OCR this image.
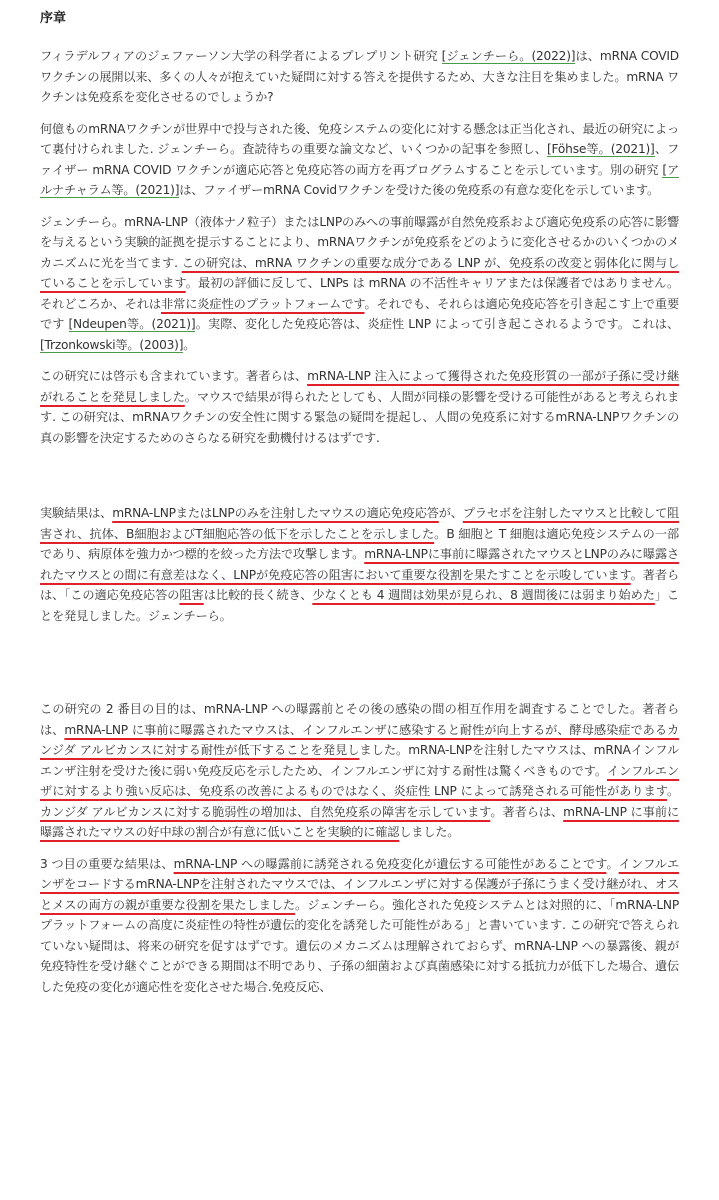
序章

フィラデルフィアのジェファーソン大学の科学者によるプレプリント研究 [ジェンチーら。(2022)]は、mRNA COVID ワクチンの展開以来、多くの人々が抱えていた疑問に対する答えを提供するため、大きな注目を集めました。mRNA ワクチンは免疫系を変化させるのでしょうか?

何億ものmRNAワクチンが世界中で投与された後、免疫システムの変化に対する懸念は正当化され、最近の研究によって裏付けられました. ジェンチーら。査読待ちの重要な論文など、いくつかの記事を参照し、[Föhse等。(2021)]、ファイザー mRNA COVID ワクチンが適応応答と免疫応答の両方を再プログラムすることを示しています。別の研究 [アルナチャラム等。(2021)]は、ファイザーmRNA Covidワクチンを受けた後の免疫系の有意な変化を示しています。

ジェンチーら。mRNA-LNP（液体ナノ粒子）またはLNPのみへの事前曝露が自然免疫系および適応免疫系の応答に影響を与えるという実験的証拠を提示することにより、mRNAワクチンが免疫系をどのように変化させるかのいくつかのメカニズムに光を当てます. この研究は、mRNA ワクチンの重要な成分である LNP が、免疫系の改変と弱体化に関与していることを示しています。最初の評価に反して、LNPs は mRNA の不活性キャリアまたは保護者ではありません。それどころか、それは非常に炎症性のプラットフォームです。それでも、それらは適応免疫応答を引き起こす上で重要です [Ndeupen等。(2021)]。実際、変化した免疫応答は、炎症性 LNP によって引き起こされるようです。これは、[Trzonkowski等。(2003)]。

この研究には啓示も含まれています。著者らは、mRNA-LNP 注入によって獲得された免疫形質の一部が子孫に受け継がれることを発見しました。マウスで結果が得られたとしても、人間が同様の影響を受ける可能性があると考えられます. この研究は、mRNAワクチンの安全性に関する緊急の疑問を提起し、人間の免疫系に対するmRNA-LNPワクチンの真の影響を決定するためのさらなる研究を動機付けるはずです.

実験結果は、mRNA-LNPまたはLNPのみを注射したマウスの適応免疫応答が、プラセボを注射したマウスと比較して阻害され、抗体、B細胞およびT細胞応答の低下を示したことを示しました。B 細胞と T 細胞は適応免疫システムの一部であり、病原体を強力かつ標的を絞った方法で攻撃します。mRNA-LNPに事前に曝露されたマウスとLNPのみに曝露されたマウスとの間に有意差はなく、LNPが免疫応答の阻害において重要な役割を果たすことを示唆しています。著者らは、「この適応免疫応答の阻害は比較的長く続き、少なくとも 4 週間は効果が見られ、8 週間後には弱まり始めた」ことを発見しました。ジェンチーら。

この研究の 2 番目の目的は、mRNA-LNP への曝露前とその後の感染の間の相互作用を調査することでした。著者らは、mRNA-LNP に事前に曝露されたマウスは、インフルエンザに感染すると耐性が向上するが、酵母感染症であるカンジダ アルビカンスに対する耐性が低下することを発見しました。mRNA-LNPを注射したマウスは、mRNAインフルエンザ注射を受けた後に弱い免疫反応を示したため、インフルエンザに対する耐性は驚くべきものです。インフルエンザに対するより強い反応は、免疫系の改善によるものではなく、炎症性 LNP によって誘発される可能性があります。カンジダ アルビカンスに対する脆弱性の増加は、自然免疫系の障害を示しています。著者らは、mRNA-LNP に事前に曝露されたマウスの好中球の割合が有意に低いことを実験的に確認しました。

3 つ目の重要な結果は、mRNA-LNP への曝露前に誘発される免疫変化が遺伝する可能性があることです。インフルエンザをコードするmRNA-LNPを注射されたマウスでは、インフルエンザに対する保護が子孫にうまく受け継がれ、オスとメスの両方の親が重要な役割を果たしました。ジェンチーら。強化された免疫システムとは対照的に、「mRNA-LNPプラットフォームの高度に炎症性の特性が遺伝的変化を誘発した可能性がある」と書いています. この研究で答えられていない疑問は、将来の研究を促すはずです。遺伝のメカニズムは理解されておらず、mRNA-LNP への暴露後、親が免疫特性を受け継ぐことができる期間は不明であり、子孫の細菌および真菌感染に対する抵抗力が低下した場合、遺伝した免疫の変化が適応性を変化させた場合.免疫反応、
